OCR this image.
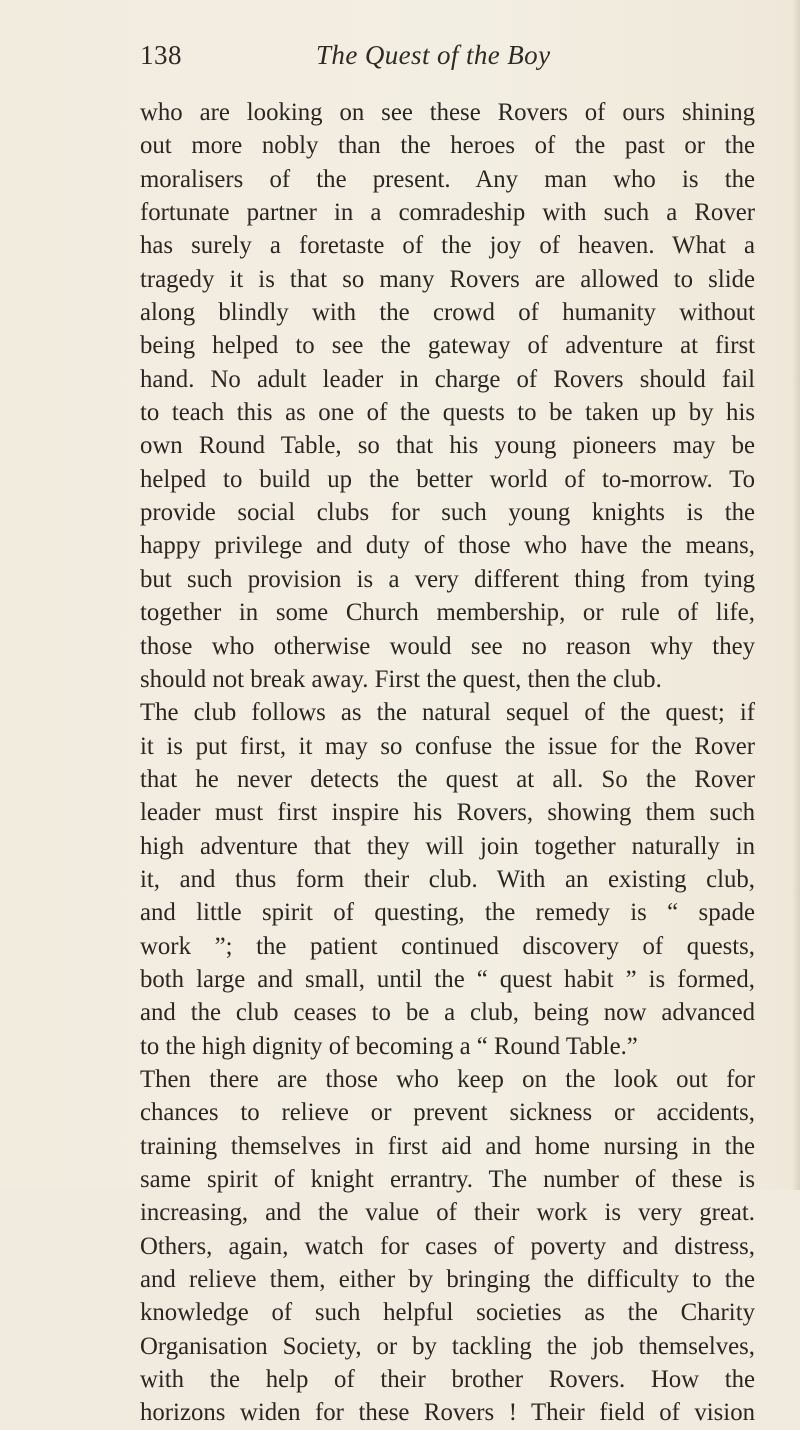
138	The Quest of the Boy
who are looking on see these Rovers of ours shining
out more nobly than the heroes of the past or the
moralisers of the present. Any man who is the
fortunate partner in a comradeship with such a Rover
has surely a foretaste of the joy of heaven. What a
tragedy it is that so many Rovers are allowed to slide
along blindly with the crowd of humanity without
being helped to see the gateway of adventure at first
hand. No adult leader in charge of Rovers should fail
to teach this as one of the quests to be taken up by his
own Round Table, so that his young pioneers may be
helped to build up the better world of to-morrow. To
provide social clubs for such young knights is the
happy privilege and duty of those who have the means,
but such provision is a very different thing from tying
together in some Church membership, or rule of life,
those who otherwise would see no reason why they
should not break away. First the quest, then the club.
The club follows as the natural sequel of the quest; if
it is put first, it may so confuse the issue for the Rover
that he never detects the quest at all. So the Rover
leader must first inspire his Rovers, showing them such
high adventure that they will join together naturally in
it, and thus form their club. With an existing club,
and little spirit of questing, the remedy is “ spade
work ”; the patient continued discovery of quests,
both large and small, until the “ quest habit ” is formed,
and the club ceases to be a club, being now advanced
to the high dignity of becoming a “ Round Table.”
Then there are those who keep on the look out for
chances to relieve or prevent sickness or accidents,
training themselves in first aid and home nursing in the
same spirit of knight errantry. The number of these is
increasing, and the value of their work is very great.
Others, again, watch for cases of poverty and distress,
and relieve them, either by bringing the difficulty to the
knowledge of such helpful societies as the Charity
Organisation Society, or by tackling the job themselves,
with the help of their brother Rovers. How the
horizons widen for these Rovers ! Their field of vision
